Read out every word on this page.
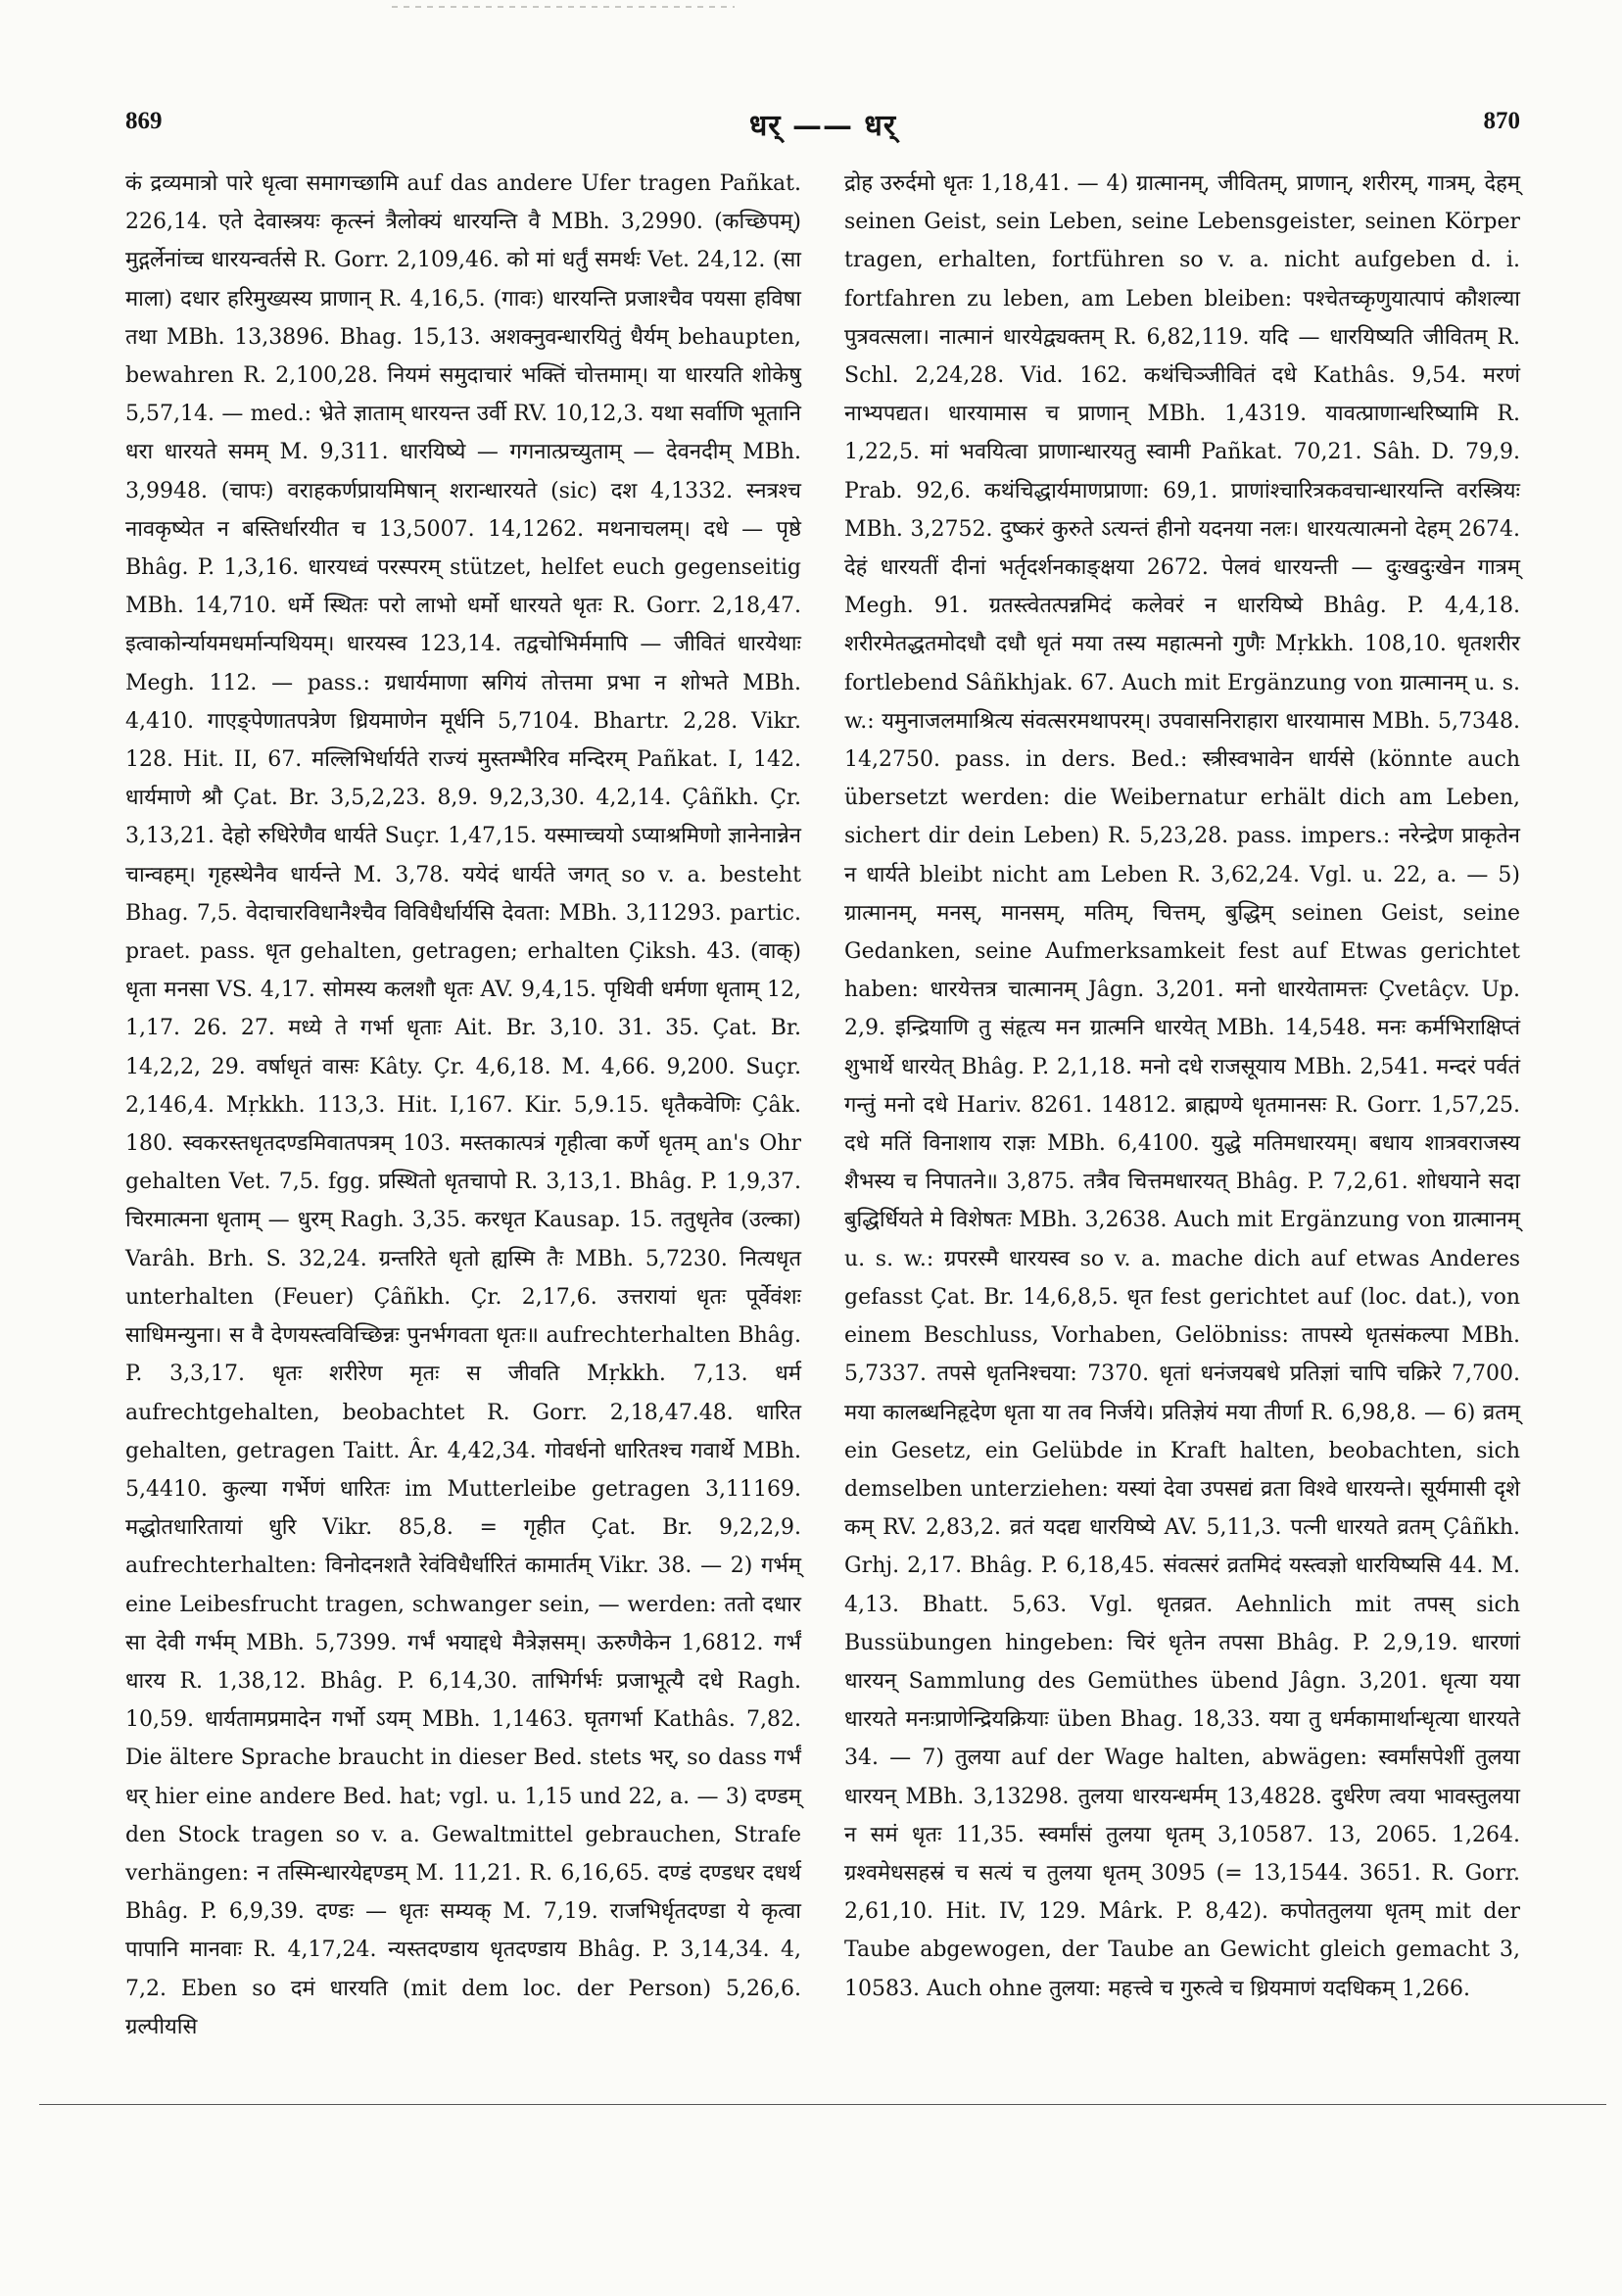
869	धर् —— धर्	870

कं द्रव्यमात्रो पारे धृत्वा समागच्छामि auf das andere Ufer tragen Pañkat. 226,14. एते देवास्त्रयः कृत्स्नं त्रैलोक्यं धारयन्ति वै MBh. 3,2990. (कच्छिपम्) मुद्गर्लेनांच्च धारयन्वर्तसे R. Gorr. 2,109,46. को मां धर्तुं समर्थः Vet. 24,12. (सा माला) दधार हरिमुख्यस्य प्राणान् R. 4,16,5. (गावः) धारयन्ति प्रजाश्चैव पयसा हविषा तथा MBh. 13,3896. Bhag. 15,13. अशक्नुवन्धारयितुं धैर्यम् behaupten, bewahren R. 2,100,28. नियमं समुदाचारं भक्तिं चोत्तमाम्। या धारयति शोकेषु 5,57,14. — med.: भ्रेते ज्ञाताम् धारयन्त उर्वी RV. 10,12,3. यथा सर्वाणि भूतानि धरा धारयते समम् M. 9,311. धारयिष्ये — गगनात्प्रच्युताम् — देवनदीम् MBh. 3,9948. (चापः) वराहकर्णप्रायमिषान् शरान्धारयते (sic) दश 4,1332. स्नत्रश्च नावकृष्येत न बस्तिर्धारयीत च 13,5007. 14,1262. मथनाचलम्। दधे — पृष्ठे Bhâg. P. 1,3,16. धारयध्वं परस्परम् stützet, helfet euch gegenseitig MBh. 14,710. धर्मे स्थितः परो लाभो धर्मो धारयते धृतः R. Gorr. 2,18,47. इत्वाकोर्न्यायमधर्मान्पथियम्। धारयस्व 123,14. तद्वचोभिर्ममापि — जीवितं धारयेथाः Megh. 112. — pass.: ग्रधार्यमाणा स्रगियं तोत्तमा प्रभा न शोभते MBh. 4,410. गाएङ्पेणातपत्रेण ध्रियमाणेन मूर्धनि 5,7104. Bhartr. 2,28. Vikr. 128. Hit. II, 67. मल्लिभिर्धार्यते राज्यं मुस्तम्भैरिव मन्दिरम् Pañkat. I, 142. धार्यमाणे श्रौ Çat. Br. 3,5,2,23. 8,9. 9,2,3,30. 4,2,14. Çâñkh. Çr. 3,13,21. देहो रुधिरेणैव धार्यते Suçr. 1,47,15. यस्माच्चयो ऽप्याश्रमिणो ज्ञानेनान्नेन चान्वहम्। गृहस्थेनैव धार्यन्ते M. 3,78. ययेदं धार्यते जगत् so v. a. besteht Bhag. 7,5. वेदाचारविधानैश्चैव विविधैर्धार्यसि देवता: MBh. 3,11293. partic. praet. pass. धृत gehalten, getragen; erhalten Çiksh. 43. (वाक्) धृता मनसा VS. 4,17. सोमस्य कलशौ धृतः AV. 9,4,15. पृथिवी धर्मणा धृताम् 12, 1,17. 26. 27. मध्ये ते गर्भा धृताः Ait. Br. 3,10. 31. 35. Çat. Br. 14,2,2, 29. वर्षाधृतं वासः Kâty. Çr. 4,6,18. M. 4,66. 9,200. Suçr. 2,146,4. Mṛkkh. 113,3. Hit. I,167. Kir. 5,9.15. धृतैकवेणिः Çâk. 180. स्वकरस्तधृतदण्डमिवातपत्रम् 103. मस्तकात्पत्रं गृहीत्वा कर्णे धृतम् an's Ohr gehalten Vet. 7,5. fgg. प्रस्थितो धृतचापो R. 3,13,1. Bhâg. P. 1,9,37. चिरमात्मना धृताम् — धुरम् Ragh. 3,35. करधृत Kausap. 15. ततुधृतेव (उल्का) Varâh. Brh. S. 32,24. ग्रन्तरिते धृतो ह्यस्मि तैः MBh. 5,7230. नित्यधृत unterhalten (Feuer) Çâñkh. Çr. 2,17,6. उत्तरायां धृतः पूर्वेवंशः साधिमन्युना। स वै देणयस्त्वविच्छिन्नः पुनर्भगवता धृतः॥ aufrechterhalten Bhâg. P. 3,3,17. धृतः शरीरेण मृतः स जीवति Mṛkkh. 7,13. धर्म aufrechtgehalten, beobachtet R. Gorr. 2,18,47.48. धारित gehalten, getragen Taitt. Âr. 4,42,34. गोवर्धनो धारितश्च गवार्थे MBh. 5,4410. कुल्या गर्भेणं धारितः im Mutterleibe getragen 3,11169. मद्धोतधारितायां धुरि Vikr. 85,8. = गृहीत Çat. Br. 9,2,2,9. aufrechterhalten: विनोदनशतै रेवंविधैर्धारितं कामार्तम् Vikr. 38. — 2) गर्भम् eine Leibesfrucht tragen, schwanger sein, — werden: ततो दधार सा देवी गर्भम् MBh. 5,7399. गर्भं भयाद्दधे मैत्रेज्ञसम्। ऊरुणैकेन 1,6812. गर्भं धारय R. 1,38,12. Bhâg. P. 6,14,30. ताभिर्गर्भः प्रजाभूत्यै दधे Ragh. 10,59. धार्यतामप्रमादेन गर्भो ऽयम् MBh. 1,1463. घृतगर्भा Kathâs. 7,82. Die ältere Sprache braucht in dieser Bed. stets भर्, so dass गर्भं धर् hier eine andere Bed. hat; vgl. u. 1,15 und 22, a. — 3) दण्डम् den Stock tragen so v. a. Gewaltmittel gebrauchen, Strafe verhängen: न तस्मिन्धारयेद्दण्डम् M. 11,21. R. 6,16,65. दण्डं दण्डधर दधर्थ Bhâg. P. 6,9,39. दण्डः — धृतः सम्यक् M. 7,19. राजभिर्धृतदण्डा ये कृत्वा पापानि मानवाः R. 4,17,24. न्यस्तदण्डाय धृतदण्डाय Bhâg. P. 3,14,34. 4, 7,2. Eben so दमं धारयति (mit dem loc. der Person) 5,26,6. ग्रल्पीयसि

द्रोह उरुर्दमो धृतः 1,18,41. — 4) ग्रात्मानम्, जीवितम्, प्राणान्, शरीरम्, गात्रम्, देहम् seinen Geist, sein Leben, seine Lebensgeister, seinen Körper tragen, erhalten, fortführen so v. a. nicht aufgeben d. i. fortfahren zu leben, am Leben bleiben: पश्चेतच्कृणुयात्पापं कौशल्या पुत्रवत्सला। नात्मानं धारयेद्व्यक्तम् R. 6,82,119. यदि — धारयिष्यति जीवितम् R. Schl. 2,24,28. Vid. 162. कथंचिञ्जीवितं दधे Kathâs. 9,54. मरणं नाभ्यपद्यत। धारयामास च प्राणान् MBh. 1,4319. यावत्प्राणान्धरिष्यामि R. 1,22,5. मां भवयित्वा प्राणान्धारयतु स्वामी Pañkat. 70,21. Sâh. D. 79,9. Prab. 92,6. कथंचिद्धार्यमाणप्राणा: 69,1. प्राणांश्चारित्रकवचान्धारयन्ति वरस्त्रियः MBh. 3,2752. दुष्करं कुरुते ऽत्यन्तं हीनो यदनया नलः। धारयत्यात्मनो देहम् 2674. देहं धारयतीं दीनां भर्तृदर्शनकाङ्क्षया 2672. पेलवं धारयन्ती — दुःखदुःखेन गात्रम् Megh. 91. ग्रतस्त्वेतत्पन्नमिदं कलेवरं न धारयिष्ये Bhâg. P. 4,4,18. शरीरमेतद्धतमोदधौ दधौ धृतं मया तस्य महात्मनो गुणैः Mṛkkh. 108,10. धृतशरीर fortlebend Sâñkhjak. 67. Auch mit Ergänzung von ग्रात्मानम् u. s. w.: यमुनाजलमाश्रित्य संवत्सरमथापरम्। उपवासनिराहारा धारयामास MBh. 5,7348. 14,2750. pass. in ders. Bed.: स्त्रीस्वभावेन धार्यसे (könnte auch übersetzt werden: die Weibernatur erhält dich am Leben, sichert dir dein Leben) R. 5,23,28. pass. impers.: नरेन्द्रेण प्राकृतेन न धार्यते bleibt nicht am Leben R. 3,62,24. Vgl. u. 22, a. — 5) ग्रात्मानम्, मनस्, मानसम्, मतिम्, चित्तम्, बुद्धिम् seinen Geist, seine Gedanken, seine Aufmerksamkeit fest auf Etwas gerichtet haben: धारयेत्तत्र चात्मानम् Jâgn. 3,201. मनो धारयेतामत्तः Çvetâçv. Up. 2,9. इन्द्रियाणि तु संहृत्य मन ग्रात्मनि धारयेत् MBh. 14,548. मनः कर्मभिराक्षिप्तं शुभार्थे धारयेत् Bhâg. P. 2,1,18. मनो दधे राजसूयाय MBh. 2,541. मन्दरं पर्वतं गन्तुं मनो दधे Hariv. 8261. 14812. ब्राह्मण्ये धृतमानसः R. Gorr. 1,57,25. दधे मतिं विनाशाय राज्ञः MBh. 6,4100. युद्धे मतिमधारयम्। बधाय शात्रवराजस्य शैभस्य च निपातने॥ 3,875. तत्रैव चित्तमधारयत् Bhâg. P. 7,2,61. शोधयाने सदा बुद्धिर्धियते मे विशेषतः MBh. 3,2638. Auch mit Ergänzung von ग्रात्मानम् u. s. w.: ग्रपरस्मै धारयस्व so v. a. mache dich auf etwas Anderes gefasst Çat. Br. 14,6,8,5. धृत fest gerichtet auf (loc. dat.), von einem Beschluss, Vorhaben, Gelöbniss: तापस्ये धृतसंकल्पा MBh. 5,7337. तपसे धृतनिश्चया: 7370. धृतां धनंजयबधे प्रतिज्ञां चापि चक्रिरे 7,700. मया कालब्धनिहृदेण धृता या तव निर्जये। प्रतिज्ञेयं मया तीर्णा R. 6,98,8. — 6) व्रतम् ein Gesetz, ein Gelübde in Kraft halten, beobachten, sich demselben unterziehen: यस्यां देवा उपसद्यं व्रता विश्वे धारयन्ते। सूर्यमासी दृशे कम् RV. 2,83,2. व्रतं यदद्य धारयिष्ये AV. 5,11,3. पत्नी धारयते व्रतम् Çâñkh. Grhj. 2,17. Bhâg. P. 6,18,45. संवत्सरं व्रतमिदं यस्त्वज्ञो धारयिष्यसि 44. M. 4,13. Bhatt. 5,63. Vgl. धृतव्रत. Aehnlich mit तपस् sich Bussübungen hingeben: चिरं धृतेन तपसा Bhâg. P. 2,9,19. धारणां धारयन् Sammlung des Gemüthes übend Jâgn. 3,201. धृत्या यया धारयते मनःप्राणेन्द्रियक्रियाः üben Bhag. 18,33. यया तु धर्मकामार्थान्धृत्या धारयते 34. — 7) तुलया auf der Wage halten, abwägen: स्वर्मांसपेशीं तुलया धारयन् MBh. 3,13298. तुलया धारयन्धर्मम् 13,4828. दुर्धरेण त्वया भावस्तुलया न समं धृतः 11,35. स्वर्मांसं तुलया धृतम् 3,10587. 13, 2065. 1,264. ग्रश्वमेधसहस्रं च सत्यं च तुलया धृतम् 3095 (= 13,1544. 3651. R. Gorr. 2,61,10. Hit. IV, 129. Mârk. P. 8,42). कपोततुलया धृतम् mit der Taube abgewogen, der Taube an Gewicht gleich gemacht 3, 10583. Auch ohne तुलया: महत्त्वे च गुरुत्वे च ध्रियमाणं यदधिकम् 1,266.
